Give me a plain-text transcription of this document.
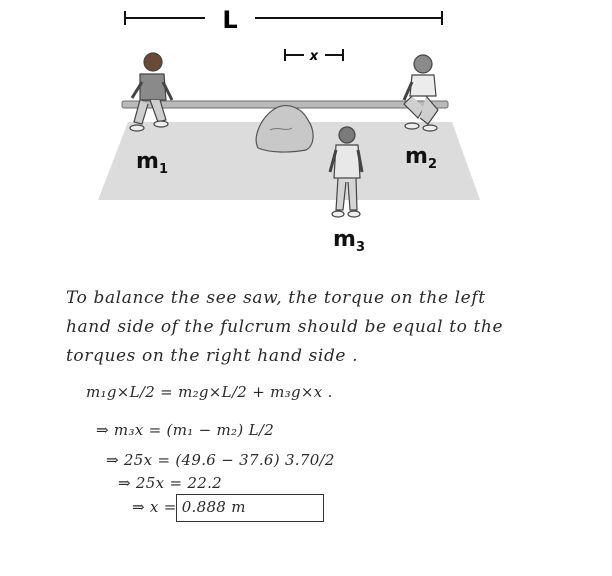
L
x
$m_1$
$m_2$
$m_3$
To balance the see saw, the torque on the left
hand side of the fulcrum should be equal to the
torques on the right hand side .
m₁g×L/2 = m₂g×L/2 + m₃g×x .
⇒ m₃x = (m₁ − m₂) L/2
⇒ 25x = (49.6 − 37.6) 3.70/2
⇒ 25x = 22.2
⇒ x = 0.888 m
